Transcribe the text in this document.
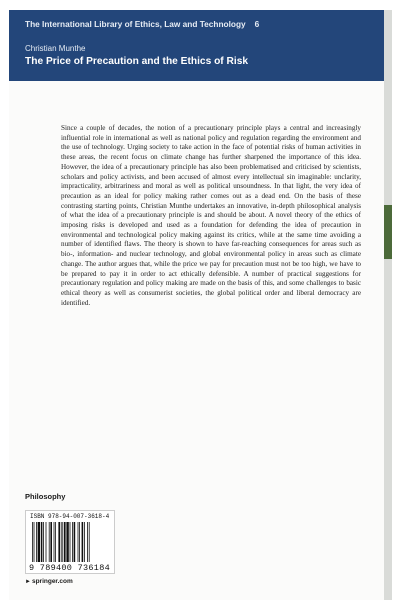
The International Library of Ethics, Law and Technology 6
Christian Munthe
The Price of Precaution and the Ethics of Risk

Since a couple of decades, the notion of a precautionary principle plays a central and increasingly influential role in international as well as national policy and regulation regarding the environment and the use of technology. Urging society to take action in the face of potential risks of human activities in these areas, the recent focus on climate change has further sharpened the importance of this idea. However, the idea of a precautionary principle has also been problematised and criticised by scientists, scholars and policy activists, and been accused of almost every intellectual sin imaginable: unclarity, impracticality, arbitrariness and moral as well as political unsoundness. In that light, the very idea of precaution as an ideal for policy making rather comes out as a dead end. On the basis of these contrasting starting points, Christian Munthe undertakes an innovative, in-depth philosophical analysis of what the idea of a precautionary principle is and should be about. A novel theory of the ethics of imposing risks is developed and used as a foundation for defending the idea of precaution in environmental and technological policy making against its critics, while at the same time avoiding a number of identified flaws. The theory is shown to have far-reaching consequences for areas such as bio-, information- and nuclear technology, and global environmental policy in areas such as climate change. The author argues that, while the price we pay for precaution must not be too high, we have to be prepared to pay it in order to act ethically defensible. A number of practical suggestions for precautionary regulation and policy making are made on the basis of this, and some challenges to basic ethical theory as well as consumerist societies, the global political order and liberal democracy are identified.

Philosophy
ISBN 978-94-007-3618-4
9 789400 736184
►springer.com
